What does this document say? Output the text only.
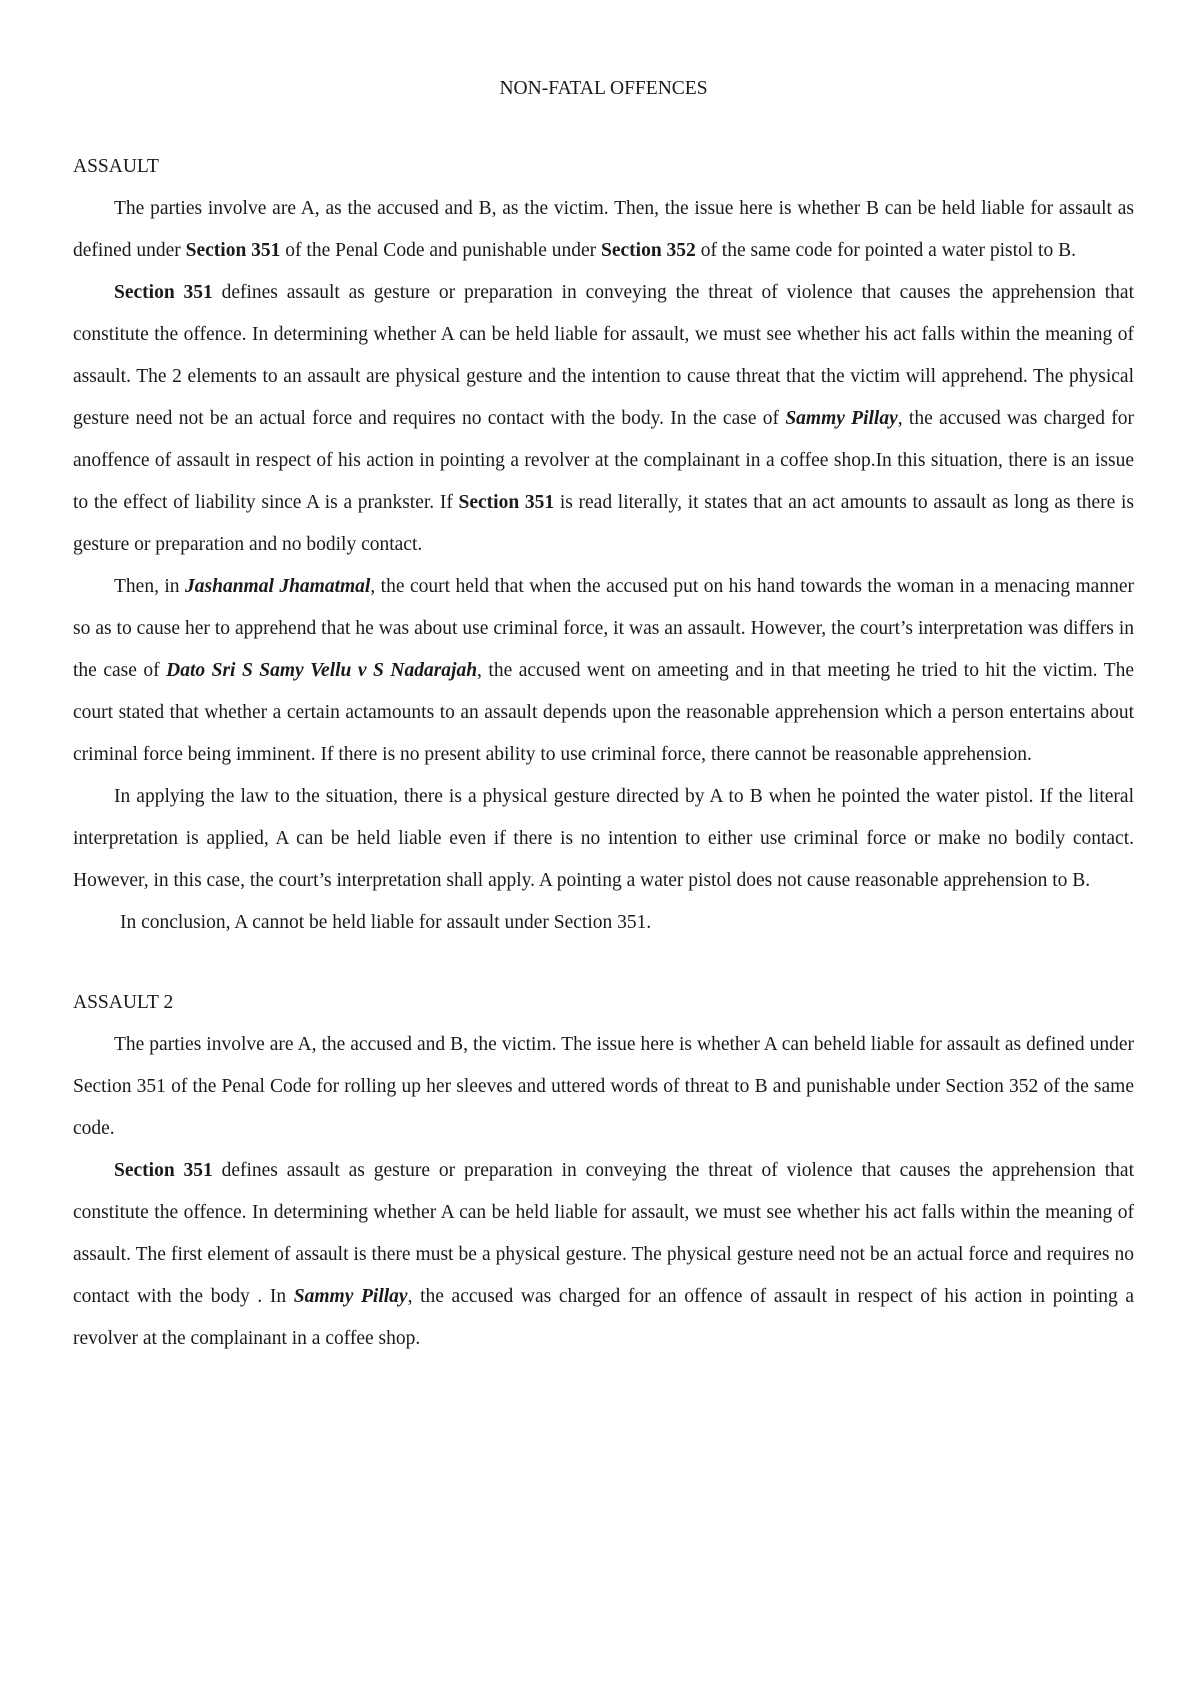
NON-FATAL OFFENCES
ASSAULT

The parties involve are A, as the accused and B, as the victim. Then, the issue here is whether B can be held liable for assault as defined under Section 351 of the Penal Code and punishable under Section 352 of the same code for pointed a water pistol to B.

Section 351 defines assault as gesture or preparation in conveying the threat of violence that causes the apprehension that constitute the offence. In determining whether A can be held liable for assault, we must see whether his act falls within the meaning of assault. The 2 elements to an assault are physical gesture and the intention to cause threat that the victim will apprehend. The physical gesture need not be an actual force and requires no contact with the body. In the case of Sammy Pillay, the accused was charged for anoffence of assault in respect of his action in pointing a revolver at the complainant in a coffee shop.In this situation, there is an issue to the effect of liability since A is a prankster. If Section 351 is read literally, it states that an act amounts to assault as long as there is gesture or preparation and no bodily contact.

Then, in Jashanmal Jhamatmal, the court held that when the accused put on his hand towards the woman in a menacing manner so as to cause her to apprehend that he was about use criminal force, it was an assault. However, the court’s interpretation was differs in the case of Dato Sri S Samy Vellu v S Nadarajah, the accused went on ameeting and in that meeting he tried to hit the victim. The court stated that whether a certain actamounts to an assault depends upon the reasonable apprehension which a person entertains about criminal force being imminent. If there is no present ability to use criminal force, there cannot be reasonable apprehension.

In applying the law to the situation, there is a physical gesture directed by A to B when he pointed the water pistol. If the literal interpretation is applied, A can be held liable even if there is no intention to either use criminal force or make no bodily contact. However, in this case, the court’s interpretation shall apply. A pointing a water pistol does not cause reasonable apprehension to B.

In conclusion, A cannot be held liable for assault under Section 351.

ASSAULT 2

The parties involve are A, the accused and B, the victim. The issue here is whether A can beheld liable for assault as defined under Section 351 of the Penal Code for rolling up her sleeves and uttered words of threat to B and punishable under Section 352 of the same code.

Section 351 defines assault as gesture or preparation in conveying the threat of violence that causes the apprehension that constitute the offence. In determining whether A can be held liable for assault, we must see whether his act falls within the meaning of assault. The first element of assault is there must be a physical gesture. The physical gesture need not be an actual force and requires no contact with the body . In Sammy Pillay, the accused was charged for an offence of assault in respect of his action in pointing a revolver at the complainant in a coffee shop.
